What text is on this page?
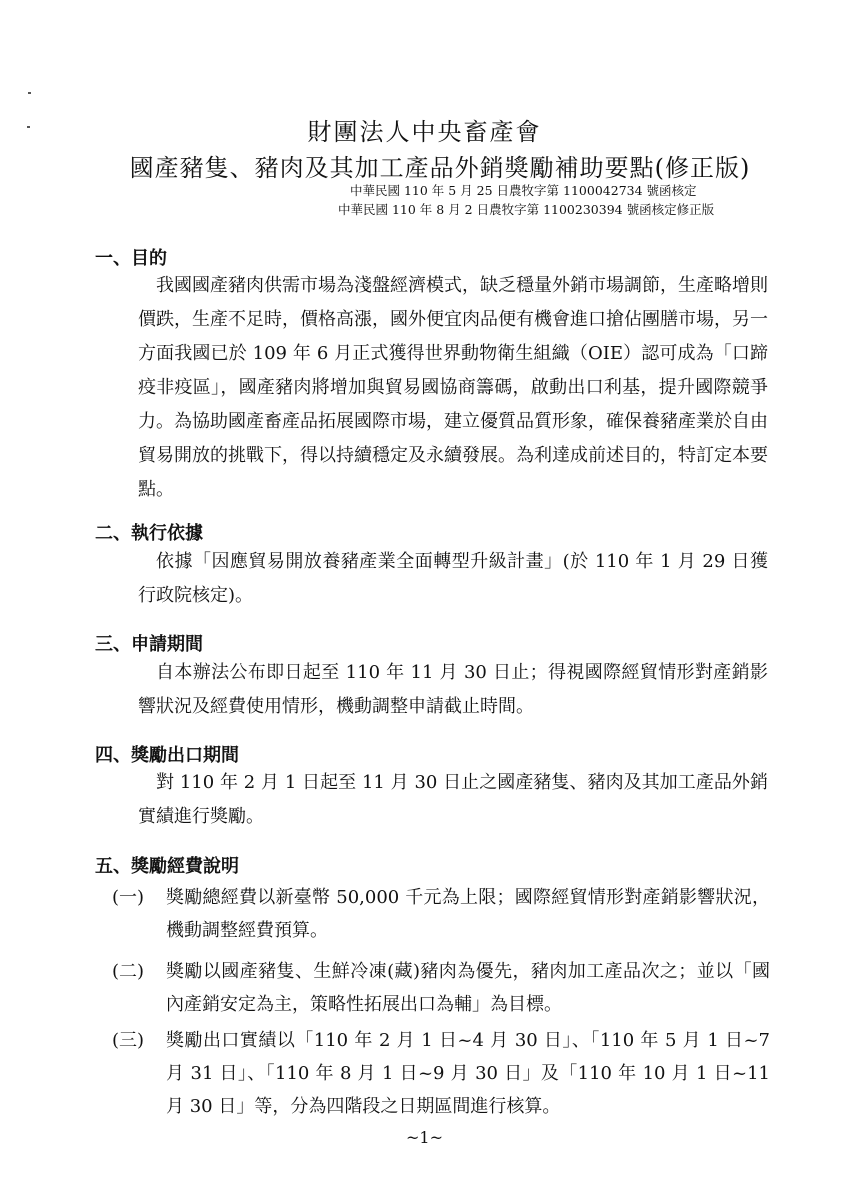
財團法人中央畜產會
國產豬隻、豬肉及其加工產品外銷獎勵補助要點(修正版)
中華民國 110 年 5 月 25 日農牧字第 1100042734 號函核定
中華民國 110 年 8 月 2 日農牧字第 1100230394 號函核定修正版
一、目的

我國國產豬肉供需市場為淺盤經濟模式，缺乏穩量外銷市場調節，生產略增則價跌，生產不足時，價格高漲，國外便宜肉品便有機會進口搶佔團膳市場，另一方面我國已於 109 年 6 月正式獲得世界動物衛生組織（OIE）認可成為「口蹄疫非疫區」，國產豬肉將增加與貿易國協商籌碼，啟動出口利基，提升國際競爭力。為協助國產畜產品拓展國際市場，建立優質品質形象，確保養豬產業於自由貿易開放的挑戰下，得以持續穩定及永續發展。為利達成前述目的，特訂定本要點。

二、執行依據

依據「因應貿易開放養豬產業全面轉型升級計畫」(於 110 年 1 月 29 日獲行政院核定)。

三、申請期間

自本辦法公布即日起至 110 年 11 月 30 日止；得視國際經貿情形對產銷影響狀況及經費使用情形，機動調整申請截止時間。

四、獎勵出口期間

對 110 年 2 月 1 日起至 11 月 30 日止之國產豬隻、豬肉及其加工產品外銷實績進行獎勵。

五、獎勵經費說明
(一) 獎勵總經費以新臺幣 50,000 千元為上限；國際經貿情形對產銷影響狀況，機動調整經費預算。
(二) 獎勵以國產豬隻、生鮮冷凍(藏)豬肉為優先，豬肉加工產品次之；並以「國內產銷安定為主，策略性拓展出口為輔」為目標。
(三) 獎勵出口實績以「110 年 2 月 1 日~4 月 30 日」、「110 年 5 月 1 日~7 月 31 日」、「110 年 8 月 1 日~9 月 30 日」及「110 年 10 月 1 日~11 月 30 日」等，分為四階段之日期區間進行核算。
~1~
